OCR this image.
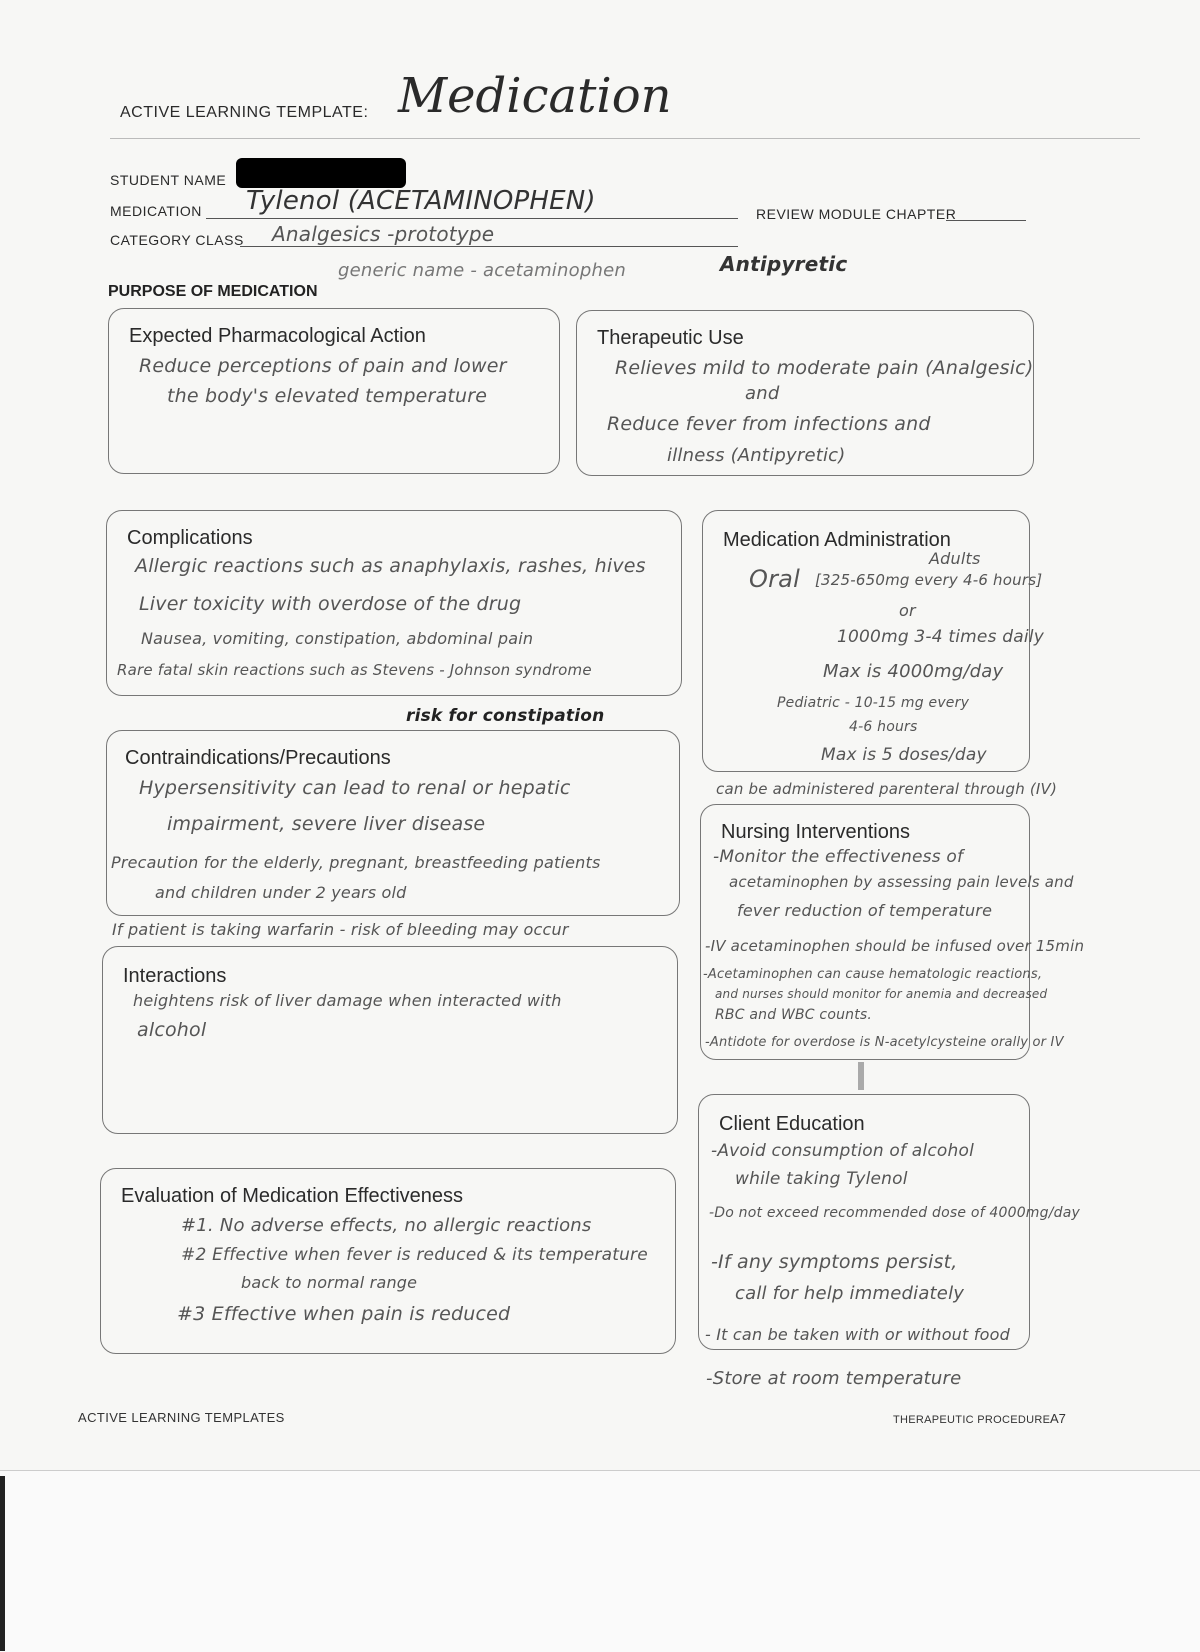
ACTIVE LEARNING TEMPLATE: Medication
STUDENT NAME
MEDICATION Tylenol (ACETAMINOPHEN)	REVIEW MODULE CHAPTER
CATEGORY CLASS Analgesics -prototype
generic name - acetaminophen	Antipyretic
PURPOSE OF MEDICATION
Expected Pharmacological Action
Reduce perceptions of pain and lower
the body's elevated temperature
Therapeutic Use
Relieves mild to moderate pain (Analgesic)
and
Reduce fever from infections and
illness (Antipyretic)
Complications
Allergic reactions such as anaphylaxis, rashes, hives
Liver toxicity with overdose of the drug
Nausea, vomiting, constipation, abdominal pain
Rare fatal skin reactions such as Stevens - Johnson syndrome
risk for constipation
Contraindications/Precautions
Hypersensitivity can lead to renal or hepatic
impairment, severe liver disease
Precaution for the elderly, pregnant, breastfeeding patients
and children under 2 years old
If patient is taking warfarin - risk of bleeding may occur
Interactions
heightens risk of liver damage when interacted with
alcohol
Evaluation of Medication Effectiveness
#1. No adverse effects, no allergic reactions
#2 Effective when fever is reduced & its temperature
back to normal range
#3 Effective when pain is reduced
Medication Administration
Adults
Oral [325-650mg every 4-6 hours]
or
1000mg 3-4 times daily
Max is 4000mg/day
Pediatric - 10-15 mg every
4-6 hours
Max is 5 doses/day
can be administered parenteral through (IV)
Nursing Interventions
-Monitor the effectiveness of
acetaminophen by assessing pain levels and
fever reduction of temperature
-IV acetaminophen should be infused over 15min
-Acetaminophen can cause hematologic reactions,
and nurses should monitor for anemia and decreased
RBC and WBC counts.
-Antidote for overdose is N-acetylcysteine orally or IV
Client Education
-Avoid consumption of alcohol
while taking Tylenol
-Do not exceed recommended dose of 4000mg/day
-If any symptoms persist,
call for help immediately
- It can be taken with or without food
-Store at room temperature
ACTIVE LEARNING TEMPLATES	THERAPEUTIC PROCEDURE A7
